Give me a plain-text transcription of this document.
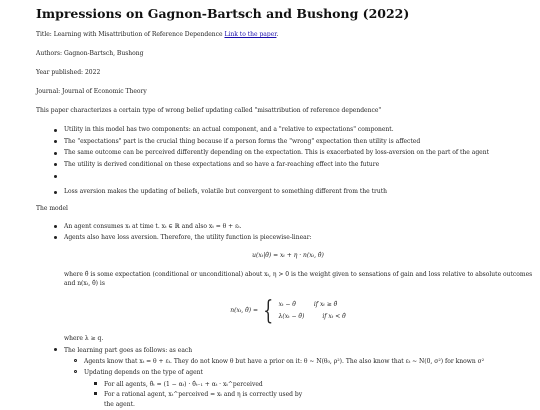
Impressions on Gagnon-Bartsch and Bushong (2022)

Title: Learning with Misattribution of Reference Dependence Link to the paper.

Authors: Gagnon-Bartsch, Bushong

Year published: 2022

Journal: Journal of Economic Theory

This paper characterizes a certain type of wrong belief updating called "misattribution of reference dependence"

Utility in this model has two components: an actual component, and a "relative to expectations" component.
The "expectations" part is the crucial thing because if a person forms the "wrong" expectation then utility is affected
The same outcome can be perceived differently depending on the expectation. This is exacerbated by loss-aversion on the part of the agent
The utility is derived conditional on these expectations and so have a far-reaching effect into the future
Loss aversion makes the updating of beliefs, volatile but convergent to something different from the truth

The model

An agent consumes xₜ at time t. xₜ ∈ ℝ and also xₜ = θ + εₜ.
Agents also have loss aversion. Therefore, the utility function is piecewise-linear:
u(xₜ|θ̂) = xₜ + η · n(xₜ, θ̂)
where θ̂ is some expectation (conditional or unconditional) about xₜ, η > 0 is the weight given to sensations of gain and loss relative to absolute outcomes and n(xₜ, θ̂) is
n(xₜ, θ̂) = { xₜ − θ̂	if xₜ ≥ θ̂
λ(xₜ − θ̂)	if xₜ < θ̂
where λ ≥ q.
The learning part goes as follows: as each
Agents know that xₜ = θ + εₜ. They do not know θ but have a prior on it: θ ~ N(θ₀, ρ²). The also know that εₜ ~ N(0, σ²) for known σ²
Updating depends on the type of agent
For all agents, θ̂ₜ = (1 − αₜ) · θ̂ₜ₋₁ + αₜ · xₜ^perceived
For a rational agent, xₜ^perceived = xₜ and η is correctly used by the agent.
